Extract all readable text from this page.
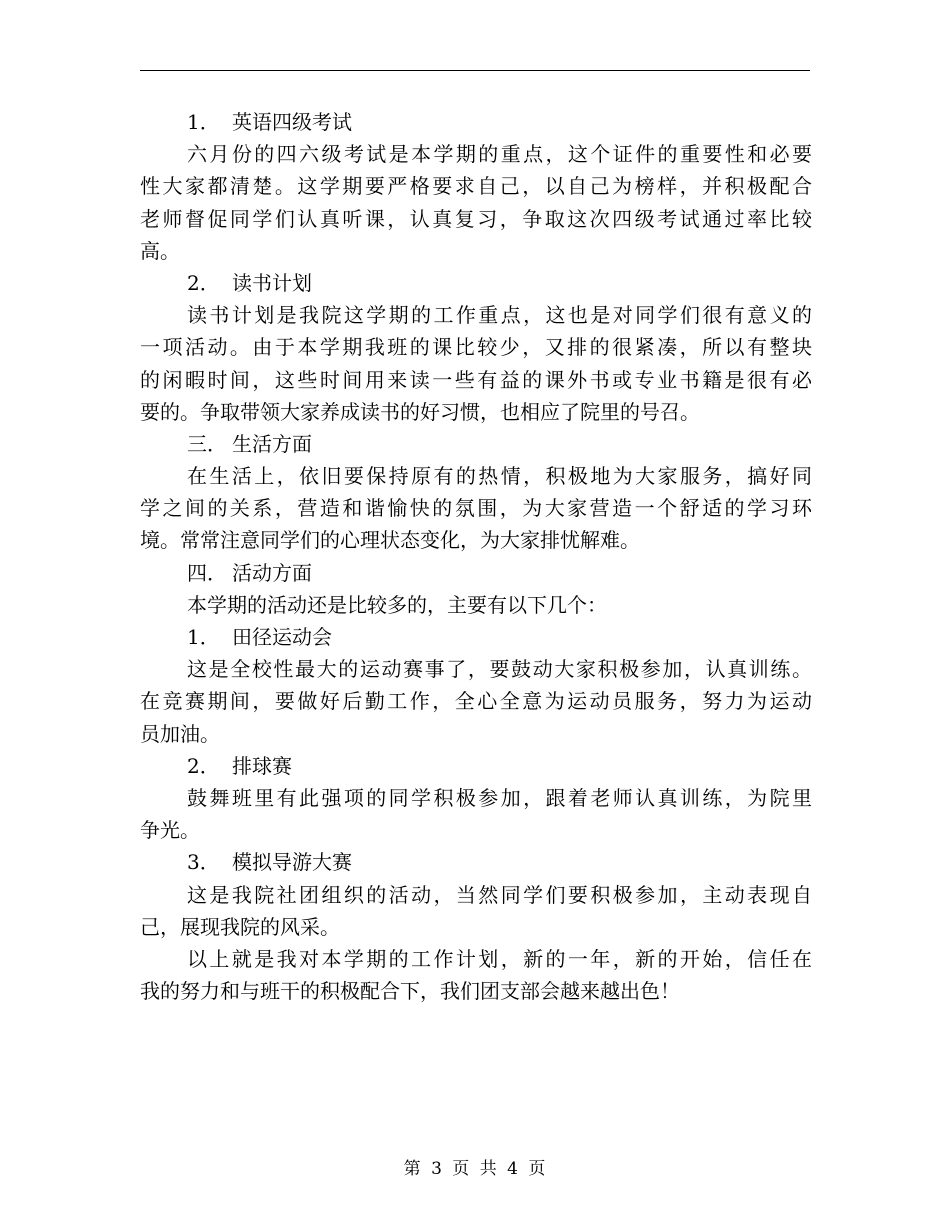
1． 英语四级考试
六月份的四六级考试是本学期的重点，这个证件的重要性和必要
性大家都清楚。这学期要严格要求自己，以自己为榜样，并积极配合
老师督促同学们认真听课，认真复习，争取这次四级考试通过率比较
高。
2． 读书计划
读书计划是我院这学期的工作重点，这也是对同学们很有意义的
一项活动。由于本学期我班的课比较少，又排的很紧凑，所以有整块
的闲暇时间，这些时间用来读一些有益的课外书或专业书籍是很有必
要的。争取带领大家养成读书的好习惯，也相应了院里的号召。
三． 生活方面
在生活上，依旧要保持原有的热情，积极地为大家服务，搞好同
学之间的关系，营造和谐愉快的氛围，为大家营造一个舒适的学习环
境。常常注意同学们的心理状态变化，为大家排忧解难。
四． 活动方面
本学期的活动还是比较多的，主要有以下几个：
1． 田径运动会
这是全校性最大的运动赛事了，要鼓动大家积极参加，认真训练。
在竞赛期间，要做好后勤工作，全心全意为运动员服务，努力为运动
员加油。
2． 排球赛
鼓舞班里有此强项的同学积极参加，跟着老师认真训练，为院里
争光。
3． 模拟导游大赛
这是我院社团组织的活动，当然同学们要积极参加，主动表现自
己，展现我院的风采。
以上就是我对本学期的工作计划，新的一年，新的开始，信任在
我的努力和与班干的积极配合下，我们团支部会越来越出色！
第 3 页 共 4 页
